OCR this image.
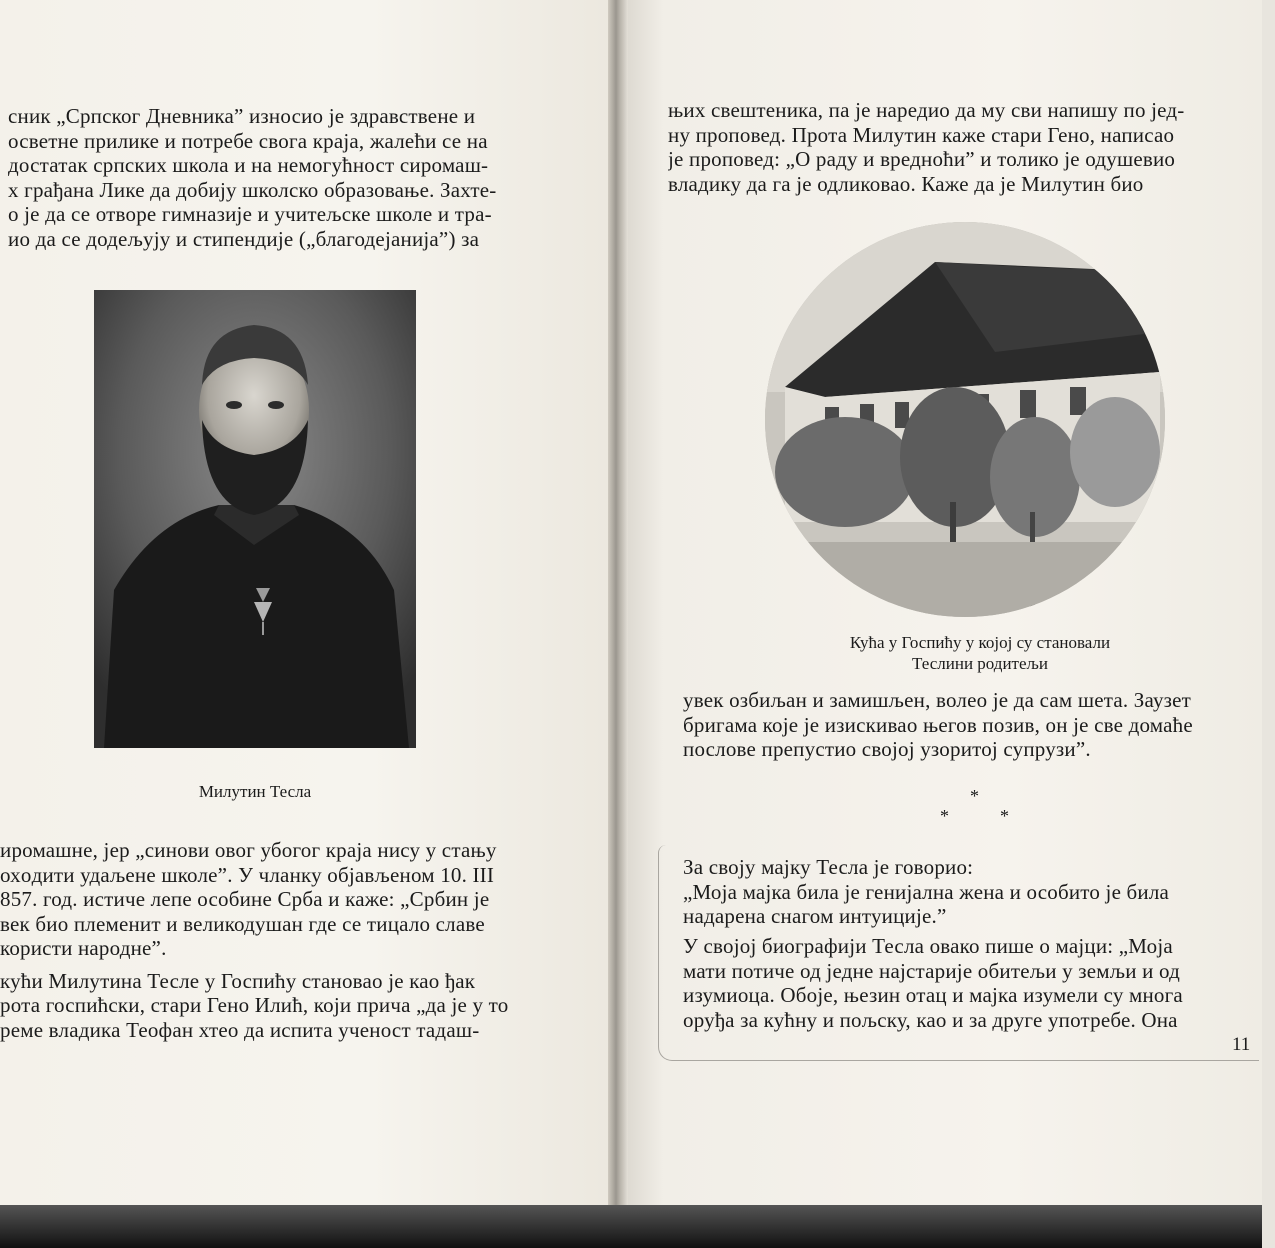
сник „Српског Дневника” износио је здравствене и
осветне прилике и потребе свога краја, жалећи се на
достатак српских школа и на немогућност сиромаш-
х грађана Лике да добију школско образовање. Захте-
о је да се отворе гимназије и учитељске школе и тра-
ио да се додељују и стипендије („благодејанија”) за
Милутин Тесла
иромашне, јер „синови овог убогог краја нису у стању
охoдити удаљене школе”. У чланку објављеном 10. III
857. год. истиче лепе особине Срба и каже: „Србин је
век био племенит и великодушан где се тицало славе
користи народне”.
кући Милутина Тесле у Госпићу становао је као ђак
рота госпићски, стари Гено Илић, који прича „да је у то
реме владика Теофан хтео да испита ученост тадаш-
њих свештеника, па је наредио да му сви напишу по јед-
ну проповед. Прота Милутин каже стари Гено, написао
је проповед: „О раду и вредноћи” и толико је одушевио
владику да га је одликовао. Каже да је Милутин био
Кућа у Госпићу у којој су становали
Теслини родитељи
увек озбиљан и замишљен, волео је да сам шета. Заузет
бригама које је изискивао његов позив, он је све домаће
послове препустио својој узоритој супрузи”.
*
*	*
За своју мајку Тесла је говорио:
„Моја мајка била је генијална жена и особито је била
надарена снагом интуиције.”
У својој биографији Тесла овако пише о мајци: „Моја
мати потиче од једне најстарије обитељи у земљи и од
изумиоца. Обоје, њезин отац и мајка изумели су многа
оруђа за кућну и пољску, као и за друге употребе. Она
11
